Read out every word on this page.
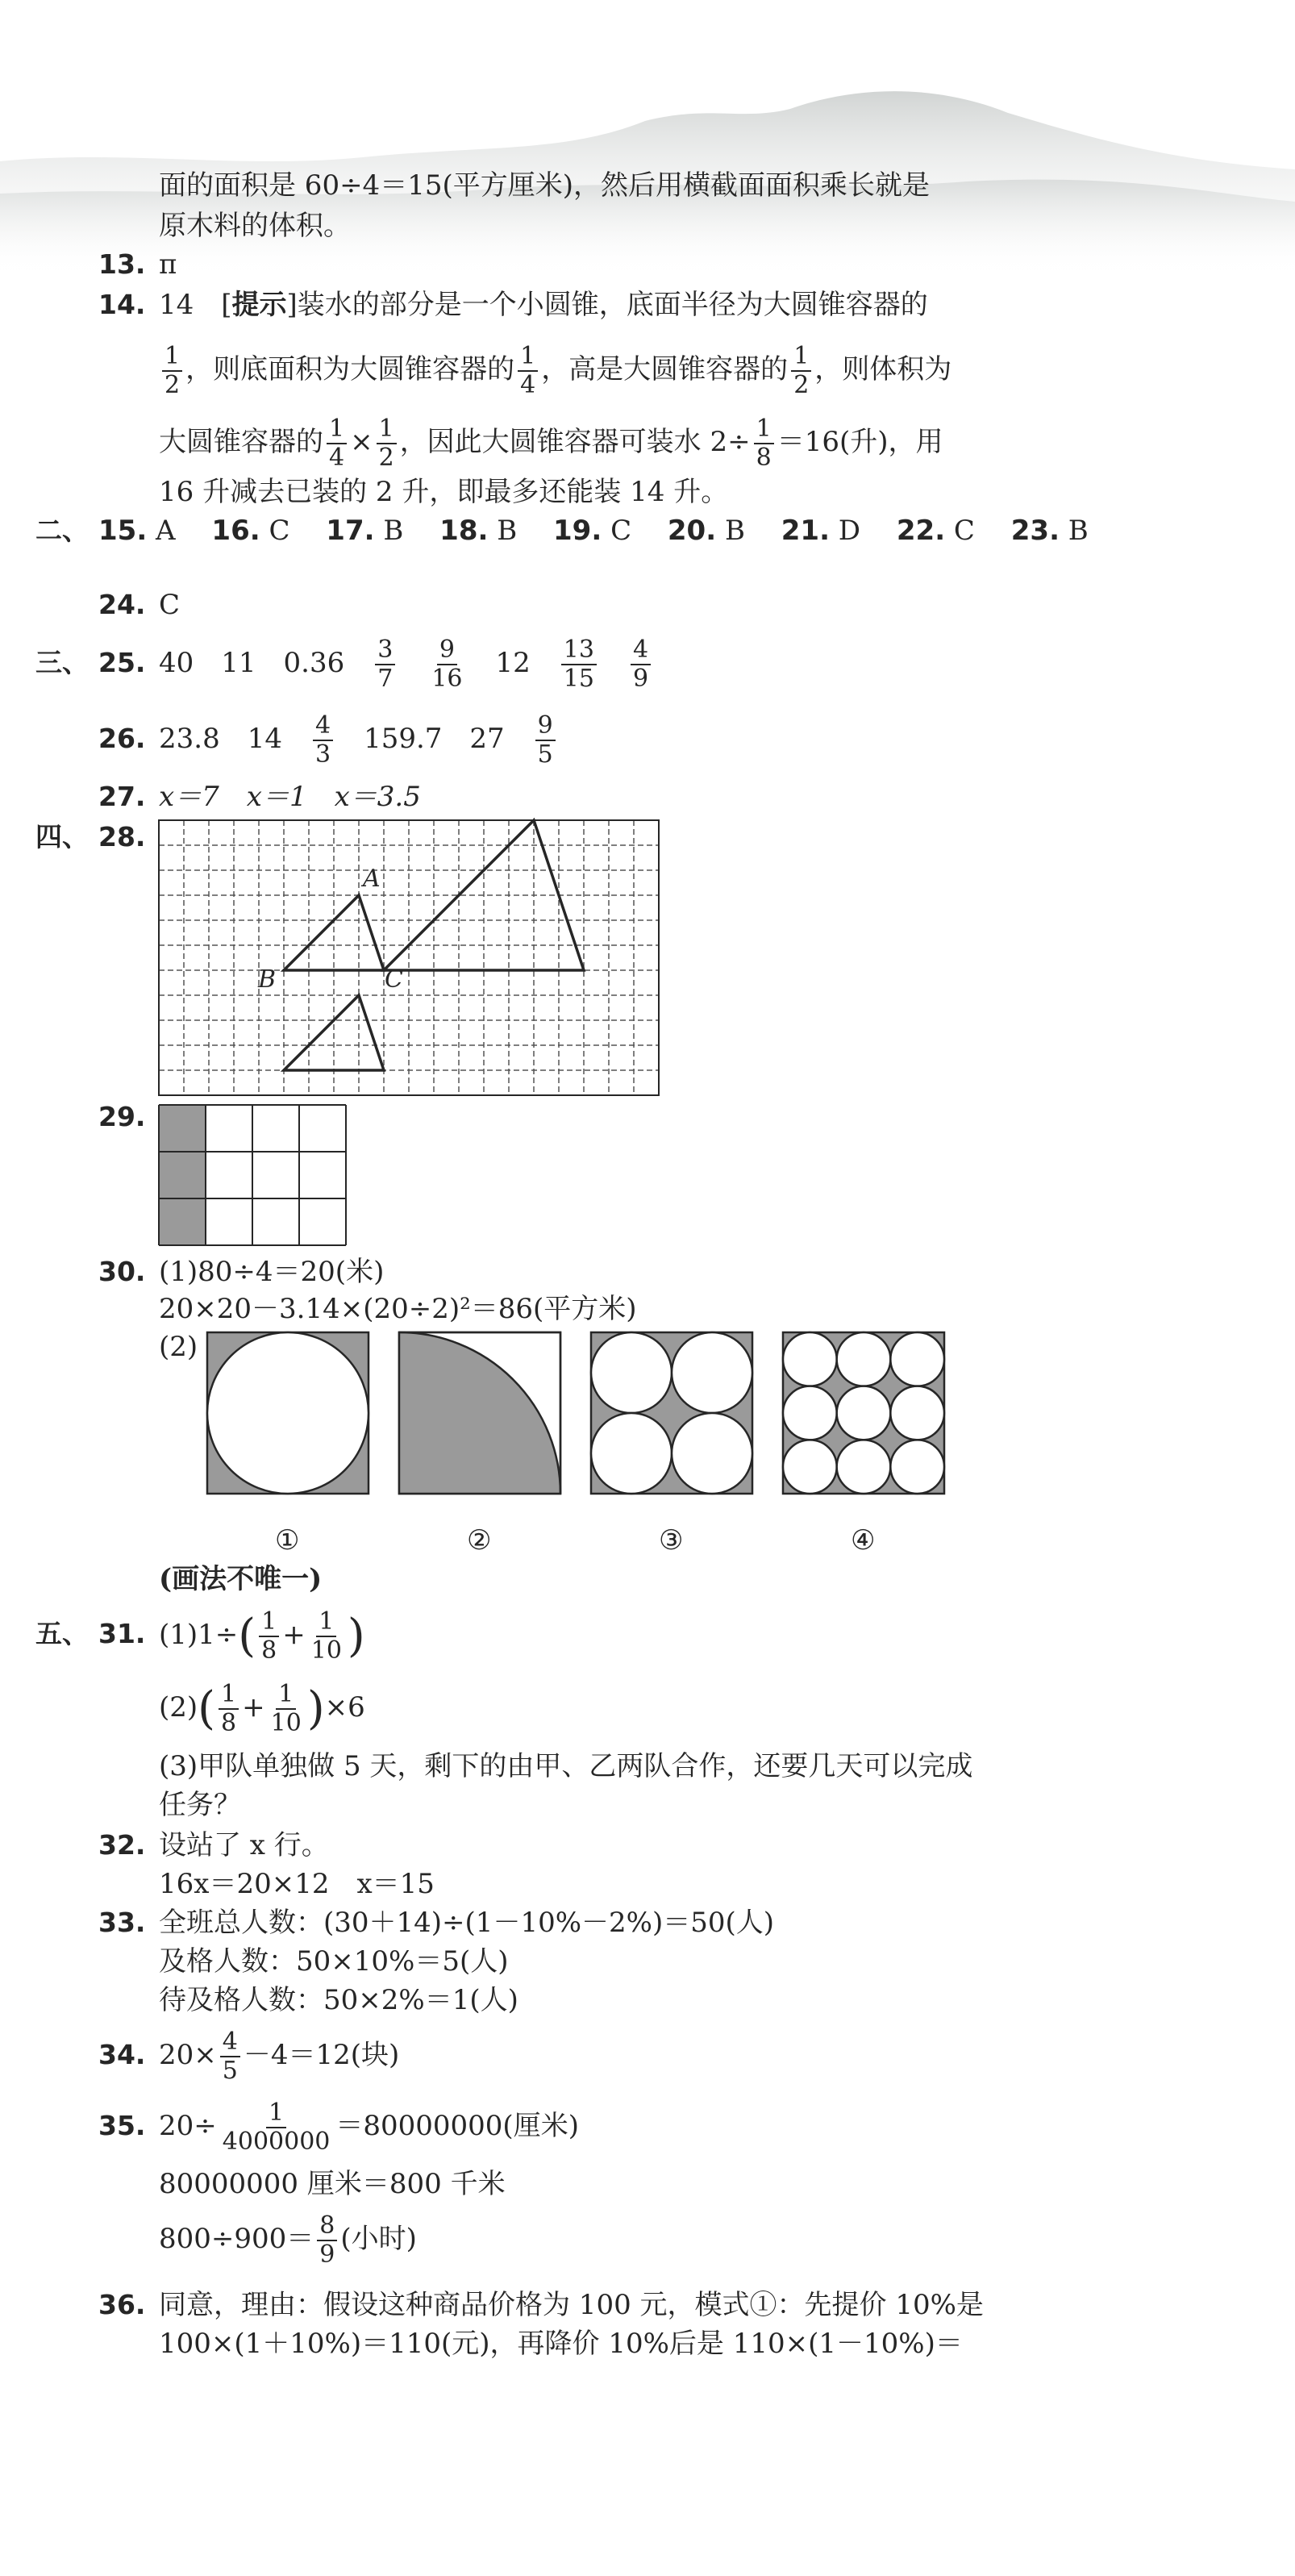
面的面积是 60÷4＝15(平方厘米)，然后用横截面面积乘长就是
原木料的体积。
13. π
14. 14　[提示]装水的部分是一个小圆锥，底面半径为大圆锥容器的
$\frac{1}{2}$ ，则底面积为大圆锥容器的 $\frac{1}{4}$ ，高是大圆锥容器的 $\frac{1}{2}$ ，则体积为
大圆锥容器的 $\frac{1}{4} \times \frac{1}{2}$ ，因此大圆锥容器可装水 $2\div \frac{1}{8} =16$(升)，用
16 升减去已装的 2 升，即最多还能装 14 升。
二、 15. A 16. C 17. B 18. B 19. C 20. B 21. D 22. C 23. B
24. C
三、 25. 40　 11　 0.36　 $\frac{3}{7}$
　 $\frac{9}{16}$
　 12　 $\frac{13}{15}$
　 $\frac{4}{9}$
26. 23.8　 14　 $\frac{4}{3}$
　 159.7　 27　 $\frac{9}{5}$
27. x＝7　x＝1　x＝3.5
四、 28.
A
B	C
29.
30. (1)80÷4＝20(米)
20×20－3.14×(20÷2)²＝86(平方米)
(2)
①	②	③	④
(画法不唯一)
五、 31. $(1)1\div( \frac{1}{8} + \frac{1}{10}$ )
$(2)( \frac{1}{8} + \frac{1}{10} )\times 6$
(3)甲队单独做 5 天，剩下的由甲、乙两队合作，还要几天可以完成
任务？
32. 设站了 x 行。
16x＝20×12　x＝15
33. 全班总人数：(30＋14)÷(1－10%－2%)＝50(人)
及格人数：50×10%＝5(人)
待及格人数：50×2%＝1(人)
34. $20\times \frac{4}{5} -4=12$(块)
35. $20\div \frac{1}{4000000} =80000000$(厘米)
80000000 厘米＝800 千米
$800\div 900= \frac{8}{9}$ (小时)
36. 同意，理由：假设这种商品价格为 100 元，模式①：先提价 10%是
100×(1＋10%)＝110(元)，再降价 10%后是 110×(1－10%)＝
